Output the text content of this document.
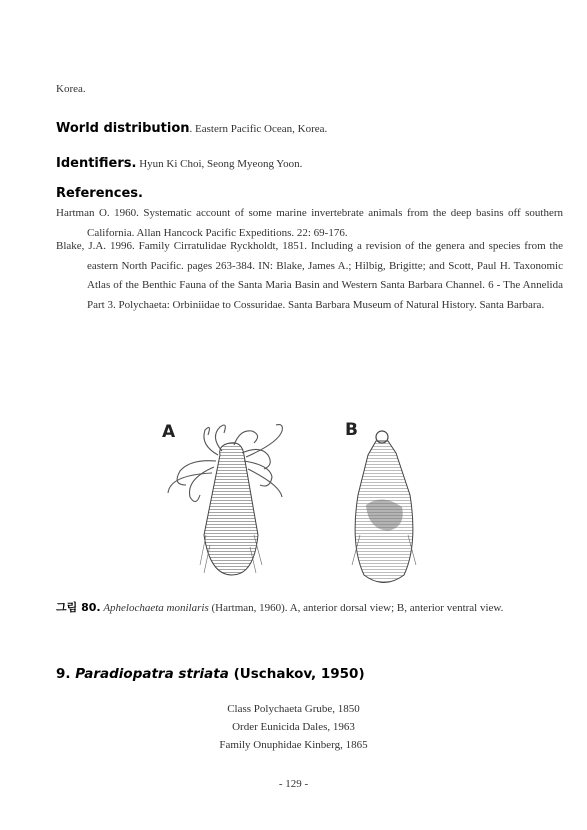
Korea.
World distribution. Eastern Pacific Ocean, Korea.
Identifiers. Hyun Ki Choi, Seong Myeong Yoon.
References.
Hartman O. 1960. Systematic account of some marine invertebrate animals from the deep basins off southern California. Allan Hancock Pacific Expeditions. 22: 69-176.
Blake, J.A. 1996. Family Cirratulidae Ryckholdt, 1851. Including a revision of the genera and species from the eastern North Pacific. pages 263-384. IN: Blake, James A.; Hilbig, Brigitte; and Scott, Paul H. Taxonomic Atlas of the Benthic Fauna of the Santa Maria Basin and Western Santa Barbara Channel. 6 - The Annelida Part 3. Polychaeta: Orbiniidae to Cossuridae. Santa Barbara Museum of Natural History. Santa Barbara.
A	B
그림 80. Aphelochaeta monilaris (Hartman, 1960). A, anterior dorsal view; B, anterior ventral view.
9. Paradiopatra striata (Uschakov, 1950)
Class Polychaeta Grube, 1850
Order Eunicida Dales, 1963
Family Onuphidae Kinberg, 1865
- 129 -
